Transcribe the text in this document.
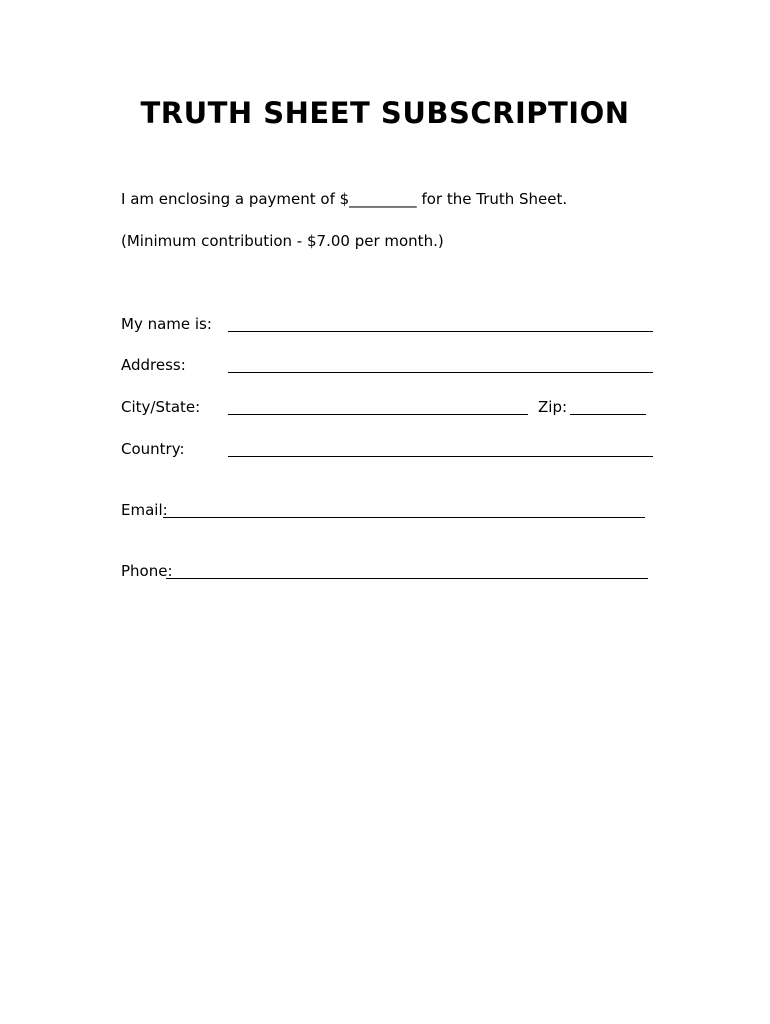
TRUTH SHEET SUBSCRIPTION
I am enclosing a payment of $_________ for the Truth Sheet.
(Minimum contribution - $7.00 per month.)
My name is:
Address:
City/State:	Zip:
Country:
Email:
Phone:
